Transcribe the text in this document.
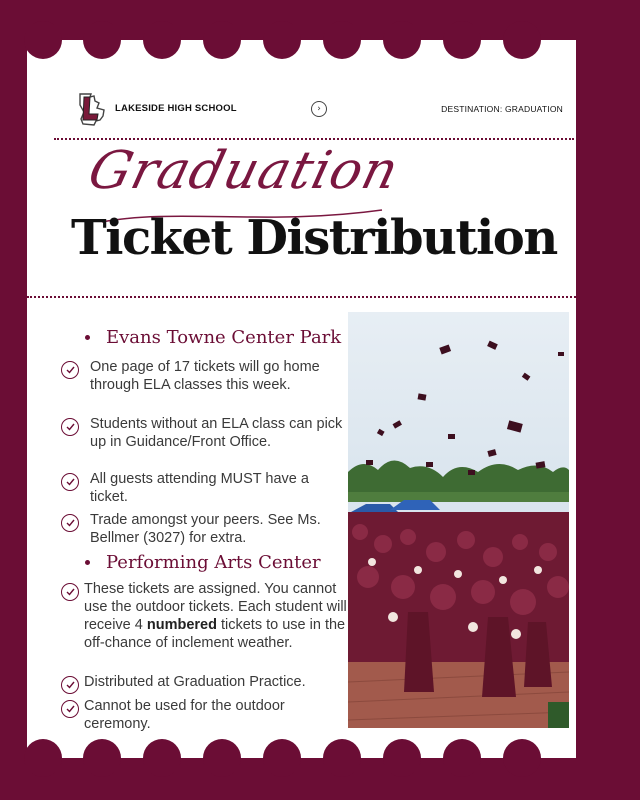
LAKESIDE HIGH SCHOOL	›	DESTINATION: GRADUATION
Graduation
Ticket Distribution
Evans Towne Center Park
One page of 17 tickets will go home through ELA classes this week.
Students without an ELA class can pick up in Guidance/Front Office.
All guests attending MUST have a ticket.
Trade amongst your peers. See Ms. Bellmer (3027) for extra.
Performing Arts Center
These tickets are assigned. You cannot use the outdoor tickets. Each student will receive 4 numbered tickets to use in the off-chance of inclement weather.
Distributed at Graduation Practice.
Cannot be used for the outdoor ceremony.
